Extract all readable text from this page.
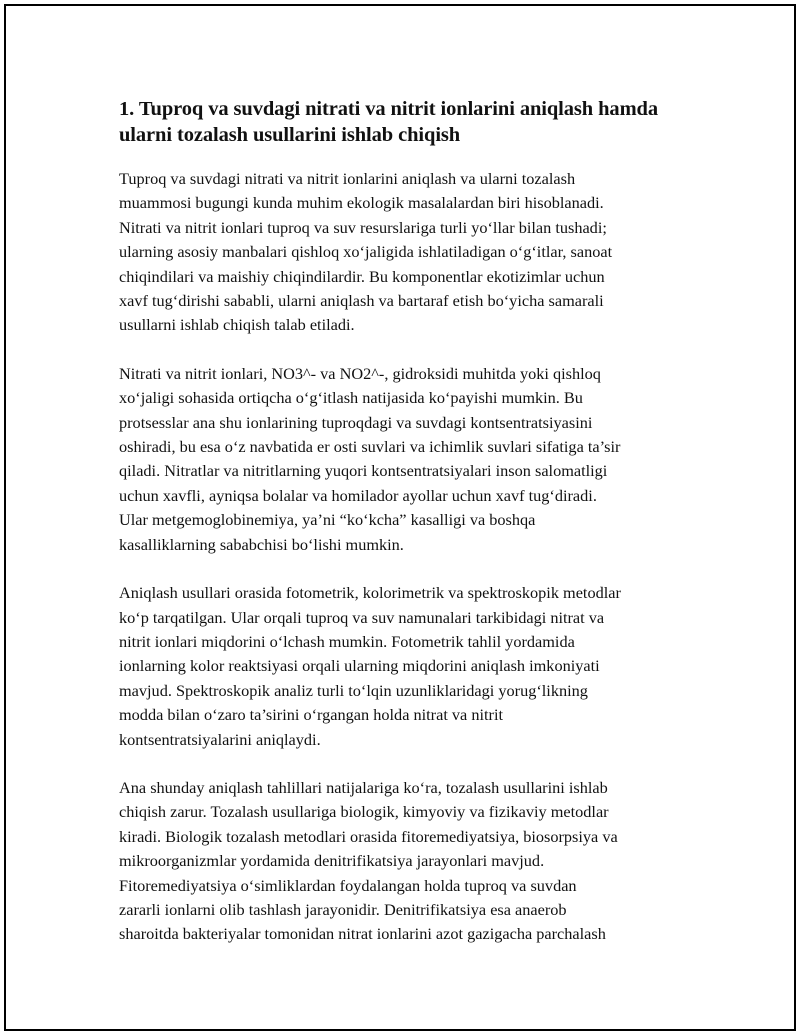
1. Tuproq va suvdagi nitrati va nitrit ionlarini aniqlash hamda
ularni tozalash usullarini ishlab chiqish

Tuproq va suvdagi nitrati va nitrit ionlarini aniqlash va ularni tozalash
muammosi bugungi kunda muhim ekologik masalalardan biri hisoblanadi.
Nitrati va nitrit ionlari tuproq va suv resurslariga turli yo‘llar bilan tushadi;
ularning asosiy manbalari qishloq xo‘jaligida ishlatiladigan o‘g‘itlar, sanoat
chiqindilari va maishiy chiqindilardir. Bu komponentlar ekotizimlar uchun
xavf tug‘dirishi sababli, ularni aniqlash va bartaraf etish bo‘yicha samarali
usullarni ishlab chiqish talab etiladi.

Nitrati va nitrit ionlari, NO3^- va NO2^-, gidroksidi muhitda yoki qishloq
xo‘jaligi sohasida ortiqcha o‘g‘itlash natijasida ko‘payishi mumkin. Bu
protsesslar ana shu ionlarining tuproqdagi va suvdagi kontsentratsiyasini
oshiradi, bu esa o‘z navbatida er osti suvlari va ichimlik suvlari sifatiga ta’sir
qiladi. Nitratlar va nitritlarning yuqori kontsentratsiyalari inson salomatligi
uchun xavfli, ayniqsa bolalar va homilador ayollar uchun xavf tug‘diradi.
Ular metgemoglobinemiya, ya’ni “ko‘kcha” kasalligi va boshqa
kasalliklarning sababchisi bo‘lishi mumkin.

Aniqlash usullari orasida fotometrik, kolorimetrik va spektroskopik metodlar
ko‘p tarqatilgan. Ular orqali tuproq va suv namunalari tarkibidagi nitrat va
nitrit ionlari miqdorini o‘lchash mumkin. Fotometrik tahlil yordamida
ionlarning kolor reaktsiyasi orqali ularning miqdorini aniqlash imkoniyati
mavjud. Spektroskopik analiz turli to‘lqin uzunliklaridagi yorug‘likning
modda bilan o‘zaro ta’sirini o‘rgangan holda nitrat va nitrit
kontsentratsiyalarini aniqlaydi.

Ana shunday aniqlash tahlillari natijalariga ko‘ra, tozalash usullarini ishlab
chiqish zarur. Tozalash usullariga biologik, kimyoviy va fizikaviy metodlar
kiradi. Biologik tozalash metodlari orasida fitoremediyatsiya, biosorpsiya va
mikroorganizmlar yordamida denitrifikatsiya jarayonlari mavjud.
Fitoremediyatsiya o‘simliklardan foydalangan holda tuproq va suvdan
zararli ionlarni olib tashlash jarayonidir. Denitrifikatsiya esa anaerob
sharoitda bakteriyalar tomonidan nitrat ionlarini azot gazigacha parchalash
